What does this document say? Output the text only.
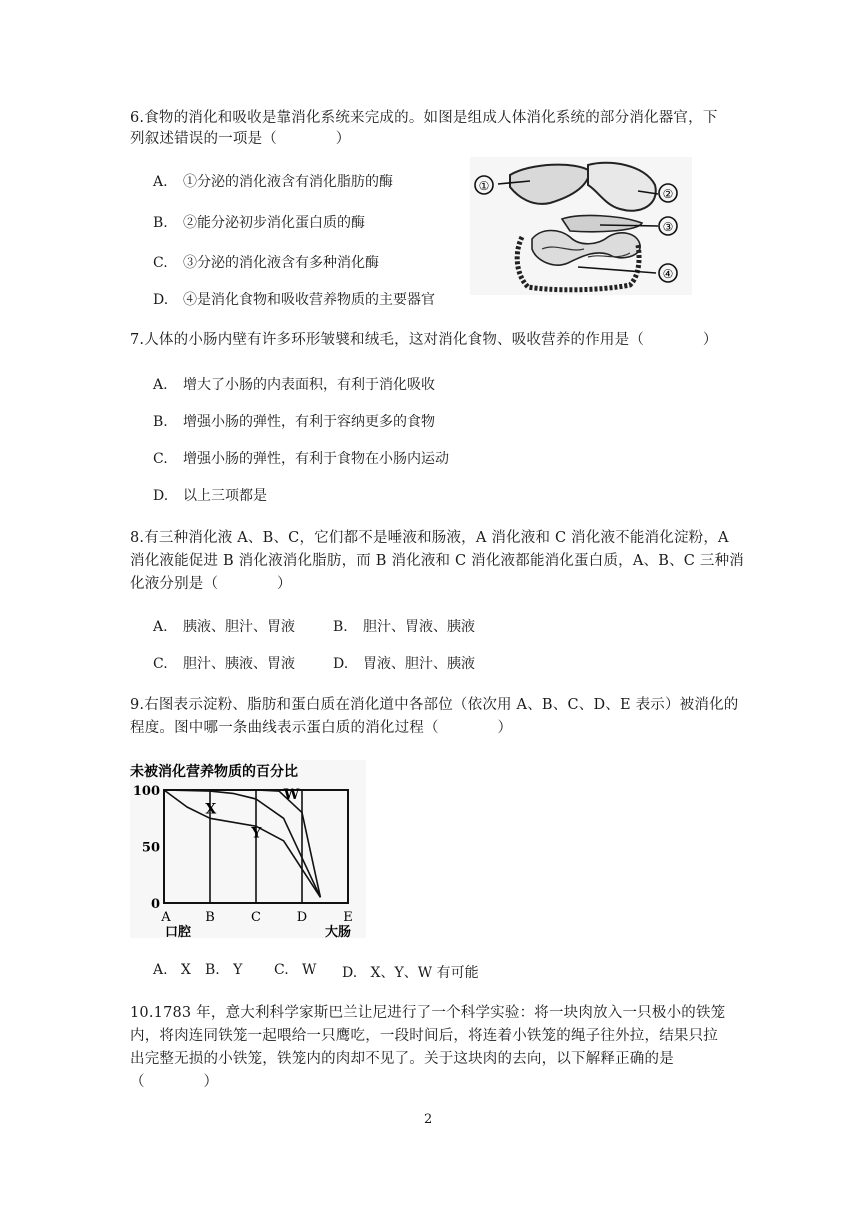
6.食物的消化和吸收是靠消化系统来完成的。如图是组成人体消化系统的部分消化器官，下
列叙述错误的一项是（　　　　）
A. ①分泌的消化液含有消化脂肪的酶
B. ②能分泌初步消化蛋白质的酶
C. ③分泌的消化液含有多种消化酶
D. ④是消化食物和吸收营养物质的主要器官
①
②
③
④
7.人体的小肠内壁有许多环形皱襞和绒毛，这对消化食物、吸收营养的作用是（　　　　）
A. 增大了小肠的内表面积，有利于消化吸收
B. 增强小肠的弹性，有利于容纳更多的食物
C. 增强小肠的弹性，有利于食物在小肠内运动
D. 以上三项都是
8.有三种消化液 A、B、C，它们都不是唾液和肠液，A 消化液和 C 消化液不能消化淀粉，A
消化液能促进 B 消化液消化脂肪，而 B 消化液和 C 消化液都能消化蛋白质，A、B、C 三种消
化液分别是（　　　　）
A. 胰液、胆汁、胃液	B. 胆汁、胃液、胰液
C. 胆汁、胰液、胃液	D. 胃液、胆汁、胰液
9.右图表示淀粉、脂肪和蛋白质在消化道中各部位（依次用 A、B、C、D、E 表示）被消化的
程度。图中哪一条曲线表示蛋白质的消化过程（　　　　）
未被消化营养物质的百分比
0
50
100
A	B	C	D	E
X
Y
W
口腔	大肠
A. X B. Y C. W D. X、Y、W 有可能
10.1783 年，意大利科学家斯巴兰让尼进行了一个科学实验：将一块肉放入一只极小的铁笼
内，将肉连同铁笼一起喂给一只鹰吃，一段时间后，将连着小铁笼的绳子往外拉，结果只拉
出完整无损的小铁笼，铁笼内的肉却不见了。关于这块肉的去向，以下解释正确的是
（　　　　）
2
